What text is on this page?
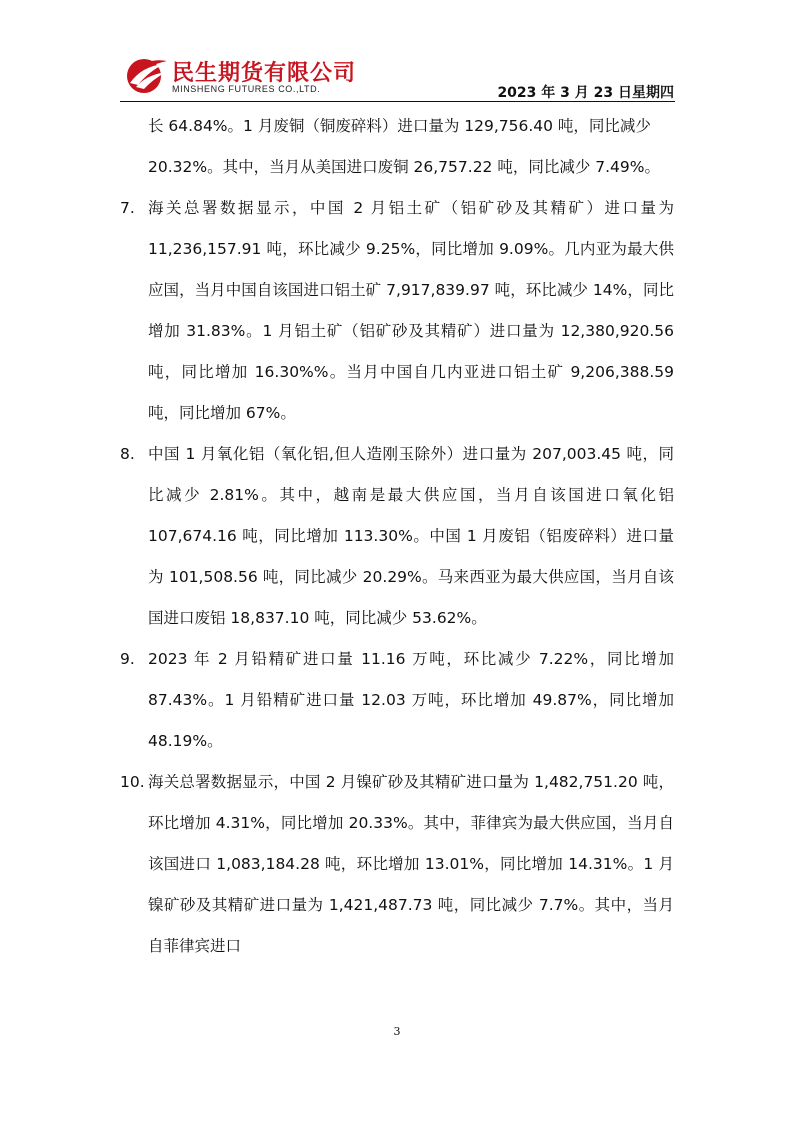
民生期货有限公司
MINSHENG FUTURES CO.,LTD.	2023 年 3 月 23 日星期四

长 64.84%。1 月废铜（铜废碎料）进口量为 129,756.40 吨，同比减少 20.32%。其中，当月从美国进口废铜 26,757.22 吨，同比减少 7.49%。

7. 海关总署数据显示，中国 2 月铝土矿（铝矿砂及其精矿）进口量为 11,236,157.91 吨，环比减少 9.25%，同比增加 9.09%。几内亚为最大供应国，当月中国自该国进口铝土矿 7,917,839.97 吨，环比减少 14%，同比增加 31.83%。1 月铝土矿（铝矿砂及其精矿）进口量为 12,380,920.56 吨，同比增加 16.30%%。当月中国自几内亚进口铝土矿 9,206,388.59 吨，同比增加 67%。
8. 中国 1 月氧化铝（氧化铝,但人造刚玉除外）进口量为 207,003.45 吨，同比减少 2.81%。其中，越南是最大供应国，当月自该国进口氧化铝 107,674.16 吨，同比增加 113.30%。中国 1 月废铝（铝废碎料）进口量为 101,508.56 吨，同比减少 20.29%。马来西亚为最大供应国，当月自该国进口废铝 18,837.10 吨，同比减少 53.62%。
9. 2023 年 2 月铅精矿进口量 11.16 万吨，环比减少 7.22%，同比增加 87.43%。1 月铅精矿进口量 12.03 万吨，环比增加 49.87%，同比增加 48.19%。
10. 海关总署数据显示，中国 2 月镍矿砂及其精矿进口量为 1,482,751.20 吨，环比增加 4.31%，同比增加 20.33%。其中，菲律宾为最大供应国，当月自该国进口 1,083,184.28 吨，环比增加 13.01%，同比增加 14.31%。1 月镍矿砂及其精矿进口量为 1,421,487.73 吨，同比减少 7.7%。其中，当月自菲律宾进口
3
